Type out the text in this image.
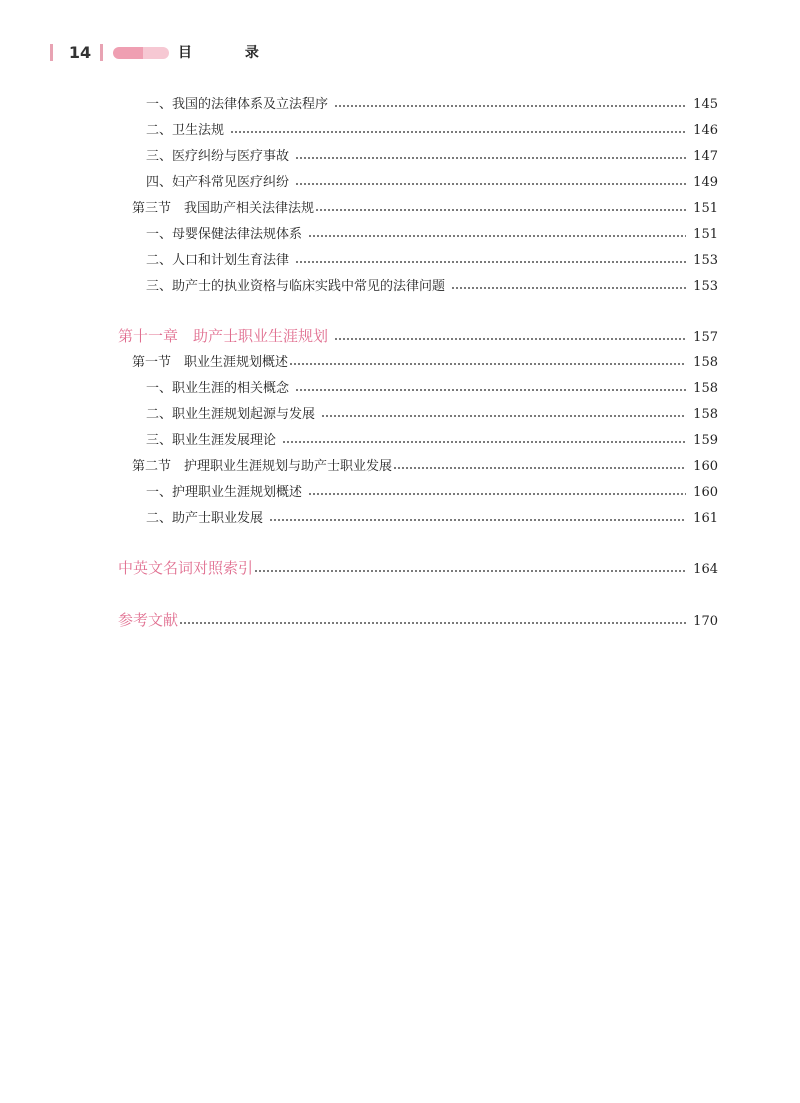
14	目 录
一、我国的法律体系及立法程序	145
二、卫生法规	146
三、医疗纠纷与医疗事故	147
四、妇产科常见医疗纠纷	149
第三节　我国助产相关法律法规	151
一、母婴保健法律法规体系	151
二、人口和计划生育法律	153
三、助产士的执业资格与临床实践中常见的法律问题	153
第十一章　助产士职业生涯规划	157
第一节　职业生涯规划概述	158
一、职业生涯的相关概念	158
二、职业生涯规划起源与发展	158
三、职业生涯发展理论	159
第二节　护理职业生涯规划与助产士职业发展	160
一、护理职业生涯规划概述	160
二、助产士职业发展	161
中英文名词对照索引	164
参考文献	170
